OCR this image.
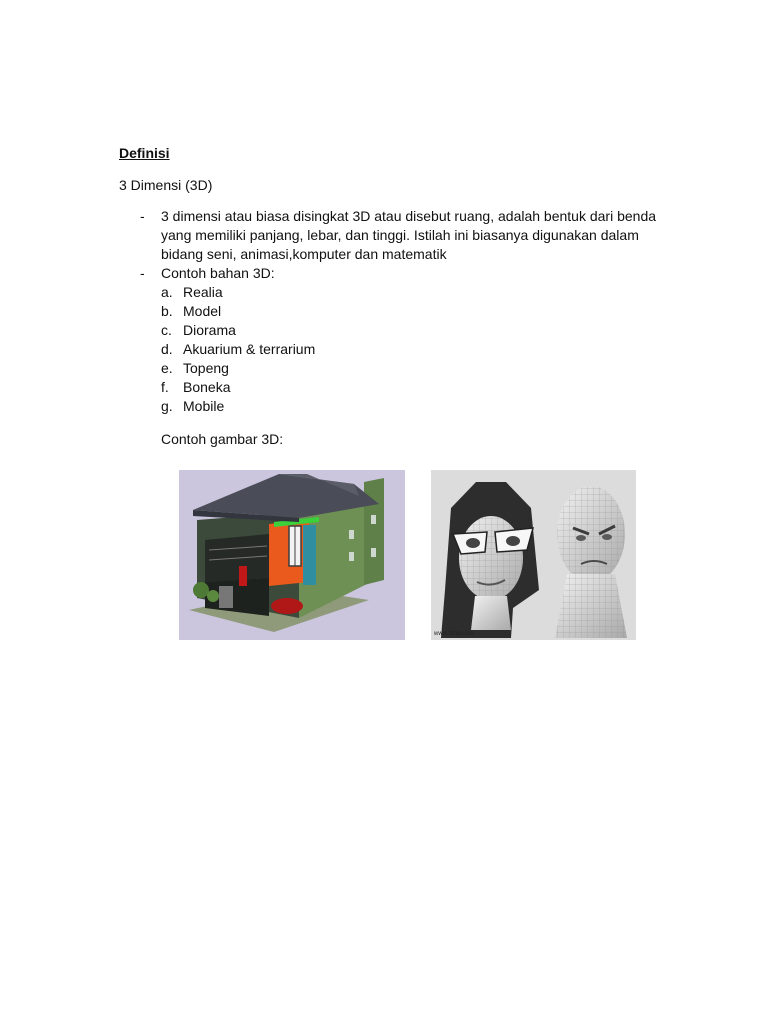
Definisi
3 Dimensi (3D)
-	3 dimensi atau biasa disingkat 3D atau disebut ruang, adalah bentuk dari benda yang memiliki panjang, lebar, dan tinggi. Istilah ini biasanya digunakan dalam bidang seni, animasi,komputer dan matematik
-	Contoh bahan 3D:
a. Realia
b. Model
c. Diorama
d. Akuarium & terrarium
e. Topeng
f.	Boneka
g. Mobile
Contoh gambar 3D:
www.fts3d.com
